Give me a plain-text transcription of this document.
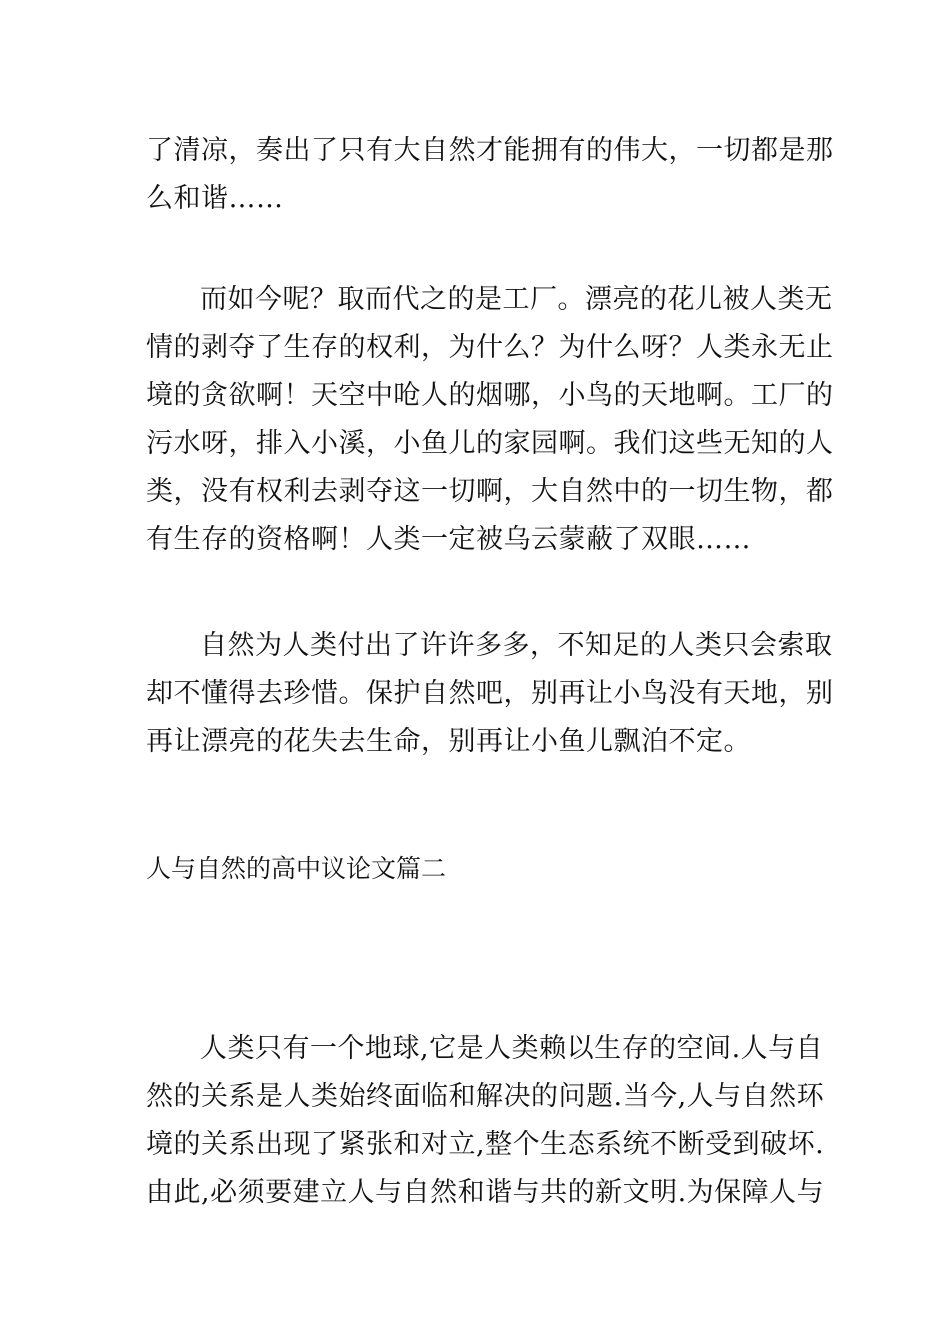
了清凉，奏出了只有大自然才能拥有的伟大，一切都是那
么和谐……
而如今呢？取而代之的是工厂。漂亮的花儿被人类无
情的剥夺了生存的权利，为什么？为什么呀？人类永无止
境的贪欲啊！天空中呛人的烟哪，小鸟的天地啊。工厂的
污水呀，排入小溪，小鱼儿的家园啊。我们这些无知的人
类，没有权利去剥夺这一切啊，大自然中的一切生物，都
有生存的资格啊！人类一定被乌云蒙蔽了双眼……
自然为人类付出了许许多多，不知足的人类只会索取
却不懂得去珍惜。保护自然吧，别再让小鸟没有天地，别
再让漂亮的花失去生命，别再让小鱼儿飘泊不定。
人与自然的高中议论文篇二
人类只有一个地球,它是人类赖以生存的空间.人与自
然的关系是人类始终面临和解决的问题.当今,人与自然环
境的关系出现了紧张和对立,整个生态系统不断受到破坏.
由此,必须要建立人与自然和谐与共的新文明.为保障人与
